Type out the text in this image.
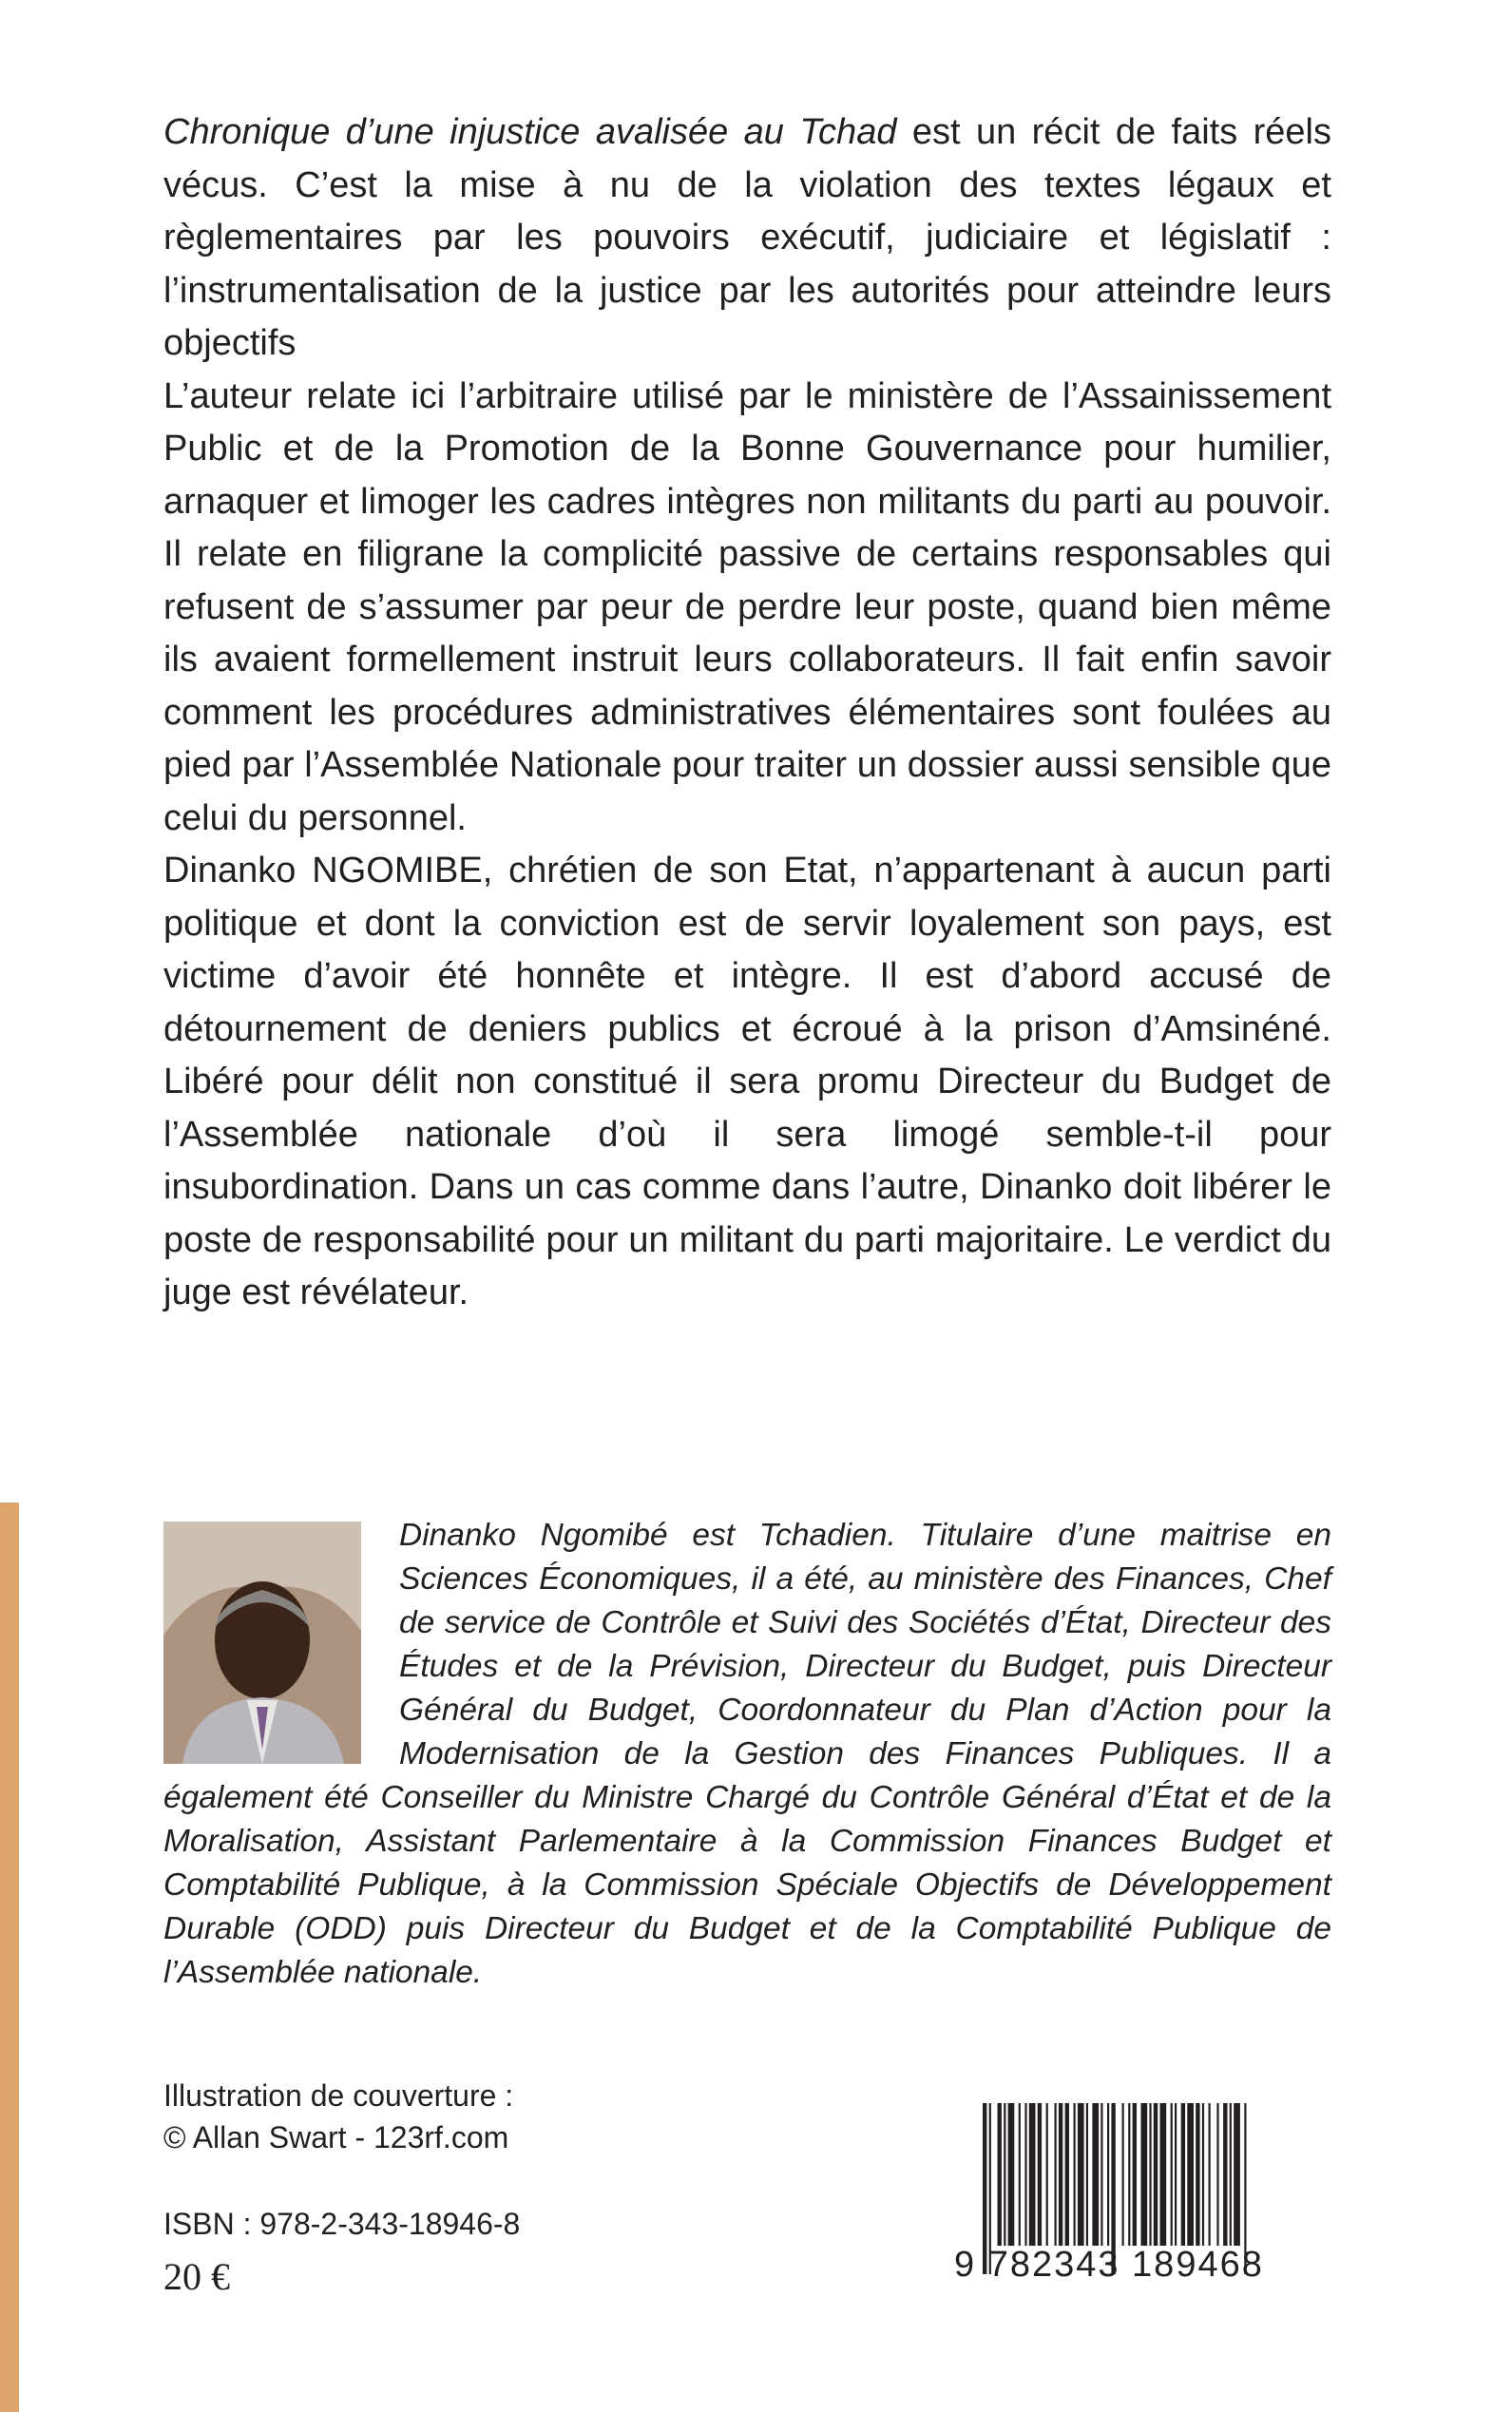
Chronique d’une injustice avalisée au Tchad est un récit de faits réels vécus. C’est la mise à nu de la violation des textes légaux et règlementaires par les pouvoirs exécutif, judiciaire et législatif : l’instrumentalisation de la justice par les autorités pour atteindre leurs objectifs

L’auteur relate ici l’arbitraire utilisé par le ministère de l’Assainissement Public et de la Promotion de la Bonne Gouvernance pour humilier, arnaquer et limoger les cadres intègres non militants du parti au pouvoir. Il relate en filigrane la complicité passive de certains responsables qui refusent de s’assumer par peur de perdre leur poste, quand bien même ils avaient formellement instruit leurs collaborateurs. Il fait enfin savoir comment les procédures administratives élémentaires sont foulées au pied par l’Assemblée Nationale pour traiter un dossier aussi sensible que celui du personnel.

Dinanko NGOMIBE, chrétien de son Etat, n’appartenant à aucun parti politique et dont la conviction est de servir loyalement son pays, est victime d’avoir été honnête et intègre. Il est d’abord accusé de détournement de deniers publics et écroué à la prison d’Amsinéné. Libéré pour délit non constitué il sera promu Directeur du Budget de l’Assemblée nationale d’où il sera limogé semble-t-il pour insubordination. Dans un cas comme dans l’autre, Dinanko doit libérer le poste de responsabilité pour un militant du parti majoritaire. Le verdict du juge est révélateur.

Dinanko Ngomibé est Tchadien. Titulaire d’une maitrise en Sciences Économiques, il a été, au ministère des Finances, Chef de service de Contrôle et Suivi des Sociétés d’État, Directeur des Études et de la Prévision, Directeur du Budget, puis Directeur Général du Budget, Coordonnateur du Plan d’Action pour la Modernisation de la Gestion des Finances Publiques. Il a également été Conseiller du Ministre Chargé du Contrôle Général d’État et de la Moralisation, Assistant Parlementaire à la Commission Finances Budget et Comptabilité Publique, à la Commission Spéciale Objectifs de Développement Durable (ODD) puis Directeur du Budget et de la Comptabilité Publique de l’Assemblée nationale.
Illustration de couverture :
© Allan Swart - 123rf.com
ISBN : 978-2-343-18946-8
20 €	9 782343 189468
